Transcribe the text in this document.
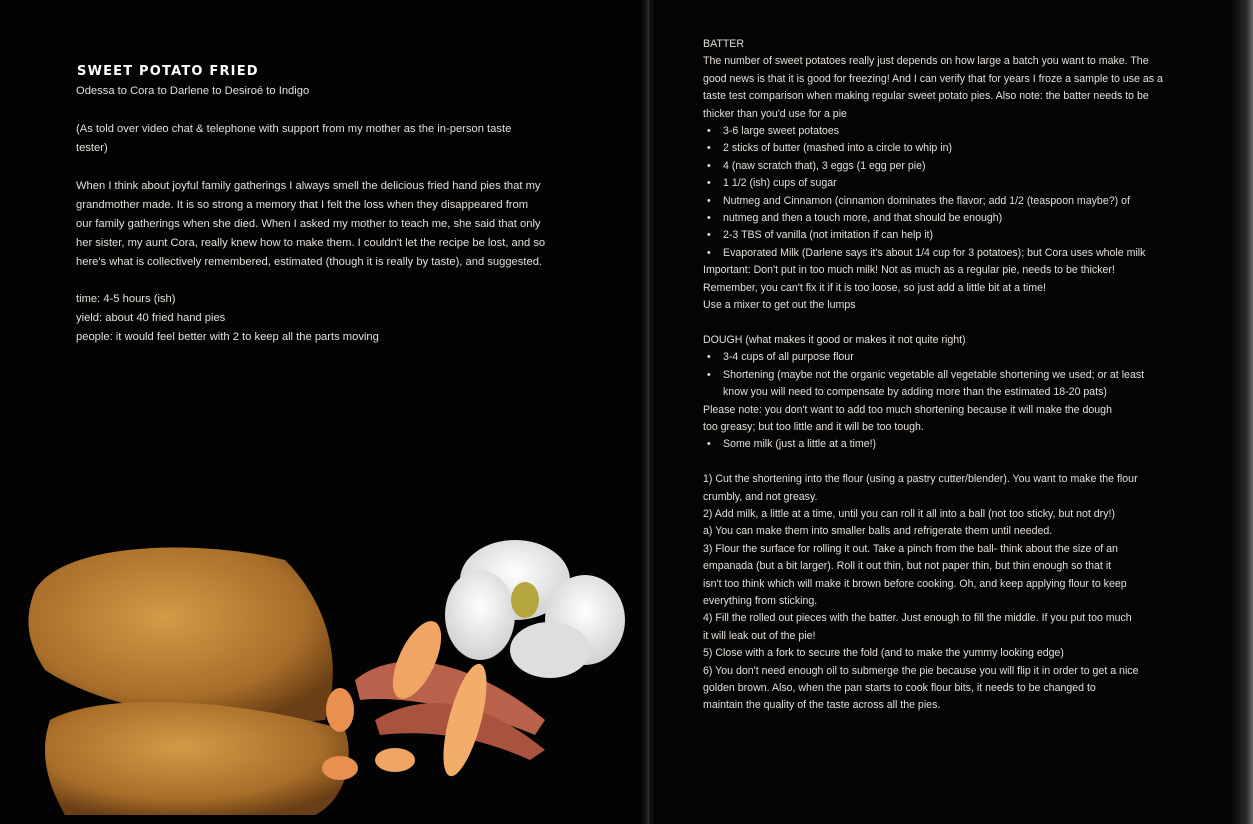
SWEET POTATO FRIED
Odessa to Cora to Darlene to Desiroé to Indigo
(As told over video chat & telephone with support from my mother as the in-person taste
tester)
When I think about joyful family gatherings I always smell the delicious fried hand pies that my
grandmother made. It is so strong a memory that I felt the loss when they disappeared from
our family gatherings when she died. When I asked my mother to teach me, she said that only
her sister, my aunt Cora, really knew how to make them. I couldn't let the recipe be lost, and so
here's what is collectively remembered, estimated (though it is really by taste), and suggested.
time: 4-5 hours (ish)
yield: about 40 fried hand pies
people: it would feel better with 2 to keep all the parts moving
BATTER
The number of sweet potatoes really just depends on how large a batch you want to make. The
good news is that it is good for freezing! And I can verify that for years I froze a sample to use as a
taste test comparison when making regular sweet potato pies. Also note: the batter needs to be
thicker than you'd use for a pie
• 3-6 large sweet potatoes
• 2 sticks of butter (mashed into a circle to whip in)
• 4 (naw scratch that), 3 eggs (1 egg per pie)
• 1 1/2 (ish) cups of sugar
• Nutmeg and Cinnamon (cinnamon dominates the flavor; add 1/2 (teaspoon maybe?) of
• nutmeg and then a touch more, and that should be enough)
• 2-3 TBS of vanilla (not imitation if can help it)
• Evaporated Milk (Darlene says it's about 1/4 cup for 3 potatoes); but Cora uses whole milk
Important: Don't put in too much milk! Not as much as a regular pie, needs to be thicker!
Remember, you can't fix it if it is too loose, so just add a little bit at a time!
Use a mixer to get out the lumps
DOUGH (what makes it good or makes it not quite right)
• 3-4 cups of all purpose flour
• Shortening (maybe not the organic vegetable all vegetable shortening we used; or at least
know you will need to compensate by adding more than the estimated 18-20 pats)
Please note: you don't want to add too much shortening because it will make the dough
too greasy; but too little and it will be too tough.
• Some milk (just a little at a time!)
1) Cut the shortening into the flour (using a pastry cutter/blender). You want to make the flour
crumbly, and not greasy.
2) Add milk, a little at a time, until you can roll it all into a ball (not too sticky, but not dry!)
a) You can make them into smaller balls and refrigerate them until needed.
3) Flour the surface for rolling it out. Take a pinch from the ball- think about the size of an
empanada (but a bit larger). Roll it out thin, but not paper thin, but thin enough so that it
isn't too think which will make it brown before cooking. Oh, and keep applying flour to keep
everything from sticking.
4) Fill the rolled out pieces with the batter. Just enough to fill the middle. If you put too much
it will leak out of the pie!
5) Close with a fork to secure the fold (and to make the yummy looking edge)
6) You don't need enough oil to submerge the pie because you will flip it in order to get a nice
golden brown. Also, when the pan starts to cook flour bits, it needs to be changed to
maintain the quality of the taste across all the pies.
